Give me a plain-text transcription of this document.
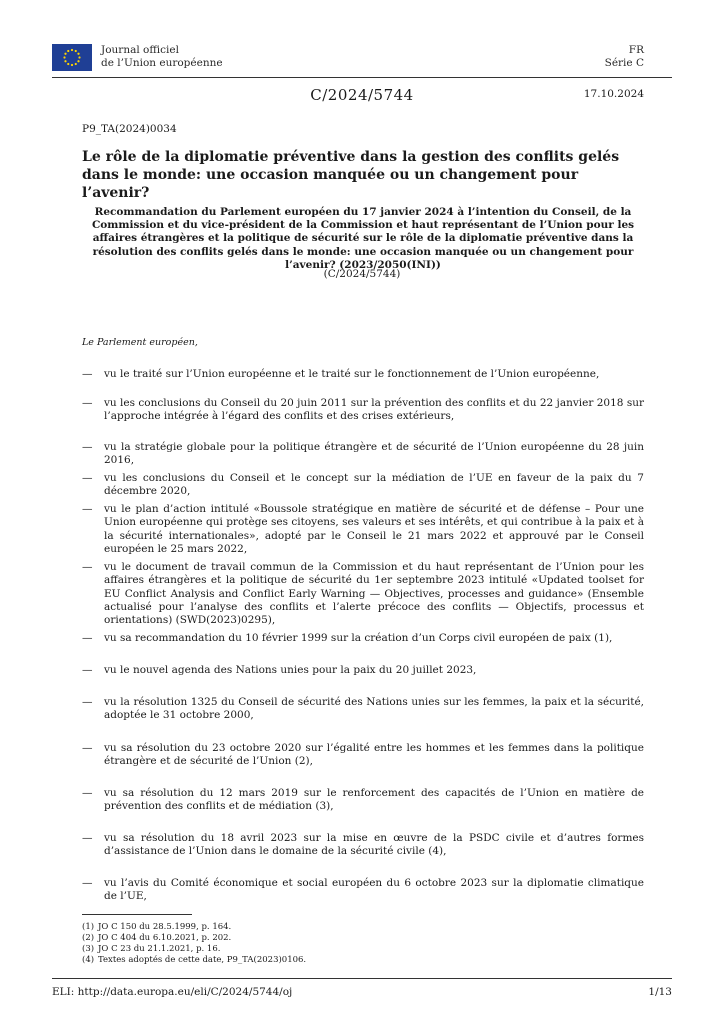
Journal officiel
de l’Union européenne
FR
Série C
C/2024/5744	17.10.2024
P9_TA(2024)0034
Le rôle de la diplomatie préventive dans la gestion des conflits gelés dans le monde: une occasion manquée ou un changement pour l’avenir?

Recommandation du Parlement européen du 17 janvier 2024 à l’intention du Conseil, de la Commission et du vice-président de la Commission et haut représentant de l’Union pour les affaires étrangères et la politique de sécurité sur le rôle de la diplomatie préventive dans la résolution des conflits gelés dans le monde: une occasion manquée ou un changement pour l’avenir? (2023/2050(INI))

(C/2024/5744)
Le Parlement européen,
— vu le traité sur l’Union européenne et le traité sur le fonctionnement de l’Union européenne,
— vu les conclusions du Conseil du 20 juin 2011 sur la prévention des conflits et du 22 janvier 2018 sur l’approche intégrée à l’égard des conflits et des crises extérieurs,
— vu la stratégie globale pour la politique étrangère et de sécurité de l’Union européenne du 28 juin 2016,
— vu les conclusions du Conseil et le concept sur la médiation de l’UE en faveur de la paix du 7 décembre 2020,
— vu le plan d’action intitulé «Boussole stratégique en matière de sécurité et de défense – Pour une Union européenne qui protège ses citoyens, ses valeurs et ses intérêts, et qui contribue à la paix et à la sécurité internationales», adopté par le Conseil le 21 mars 2022 et approuvé par le Conseil européen le 25 mars 2022,
— vu le document de travail commun de la Commission et du haut représentant de l’Union pour les affaires étrangères et la politique de sécurité du 1er septembre 2023 intitulé «Updated toolset for EU Conflict Analysis and Conflict Early Warning — Objectives, processes and guidance» (Ensemble actualisé pour l’analyse des conflits et l’alerte précoce des conflits — Objectifs, processus et orientations) (SWD(2023)0295),
— vu sa recommandation du 10 février 1999 sur la création d’un Corps civil européen de paix (1),
— vu le nouvel agenda des Nations unies pour la paix du 20 juillet 2023,
— vu la résolution 1325 du Conseil de sécurité des Nations unies sur les femmes, la paix et la sécurité, adoptée le 31 octobre 2000,
— vu sa résolution du 23 octobre 2020 sur l’égalité entre les hommes et les femmes dans la politique étrangère et de sécurité de l’Union (2),
— vu sa résolution du 12 mars 2019 sur le renforcement des capacités de l’Union en matière de prévention des conflits et de médiation (3),
— vu sa résolution du 18 avril 2023 sur la mise en œuvre de la PSDC civile et d’autres formes d’assistance de l’Union dans le domaine de la sécurité civile (4),
— vu l’avis du Comité économique et social européen du 6 octobre 2023 sur la diplomatie climatique de l’UE,
(1) JO C 150 du 28.5.1999, p. 164.
(2) JO C 404 du 6.10.2021, p. 202.
(3) JO C 23 du 21.1.2021, p. 16.
(4) Textes adoptés de cette date, P9_TA(2023)0106.
ELI: http://data.europa.eu/eli/C/2024/5744/oj	1/13
